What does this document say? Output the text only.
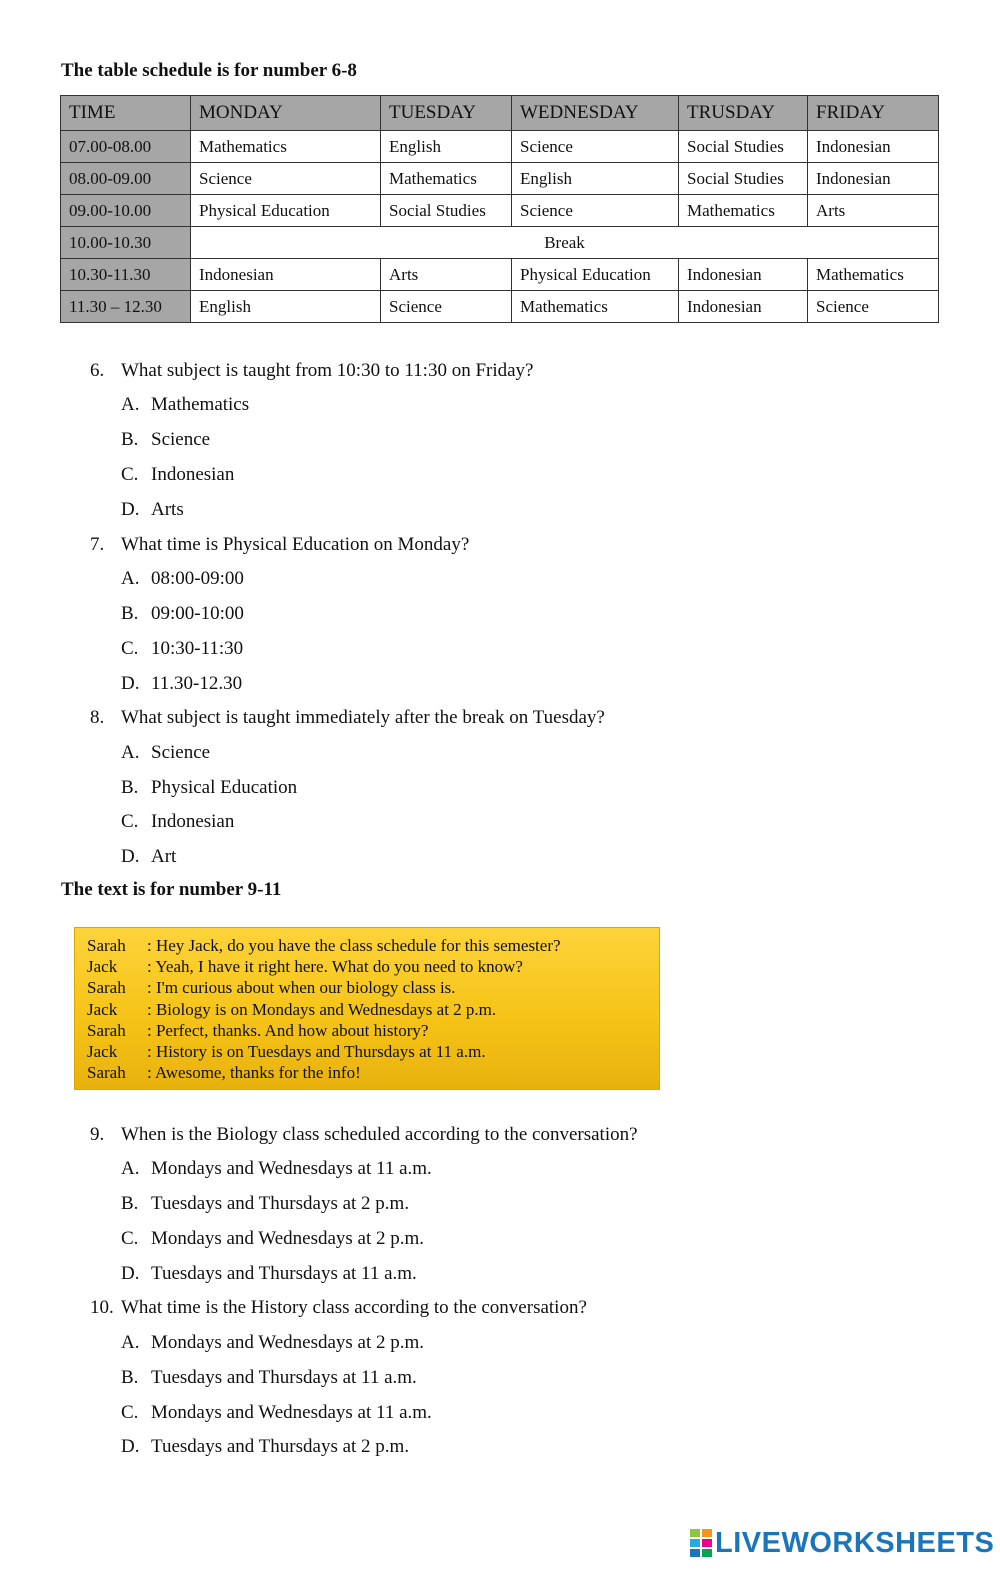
The table schedule is for number 6-8
TIME	MONDAY	TUESDAY	WEDNESDAY	TRUSDAY	FRIDAY
07.00-08.00	Mathematics	English	Science	Social Studies	Indonesian
08.00-09.00	Science	Mathematics	English	Social Studies	Indonesian
09.00-10.00	Physical Education	Social Studies	Science	Mathematics	Arts
10.00-10.30	Break				
10.30-11.30	Indonesian	Arts	Physical Education	Indonesian	Mathematics
11.30 – 12.30	English	Science	Mathematics	Indonesian	Science
6. What subject is taught from 10:30 to 11:30 on Friday?
A. Mathematics
B. Science
C. Indonesian
D. Arts
7. What time is Physical Education on Monday?
A. 08:00-09:00
B. 09:00-10:00
C. 10:30-11:30
D. 11.30-12.30
8. What subject is taught immediately after the break on Tuesday?
A. Science
B. Physical Education
C. Indonesian
D. Art
The text is for number 9-11
Sarah : Hey Jack, do you have the class schedule for this semester?
Jack : Yeah, I have it right here. What do you need to know?
Sarah : I'm curious about when our biology class is.
Jack : Biology is on Mondays and Wednesdays at 2 p.m.
Sarah : Perfect, thanks. And how about history?
Jack : History is on Tuesdays and Thursdays at 11 a.m.
Sarah : Awesome, thanks for the info!
9. When is the Biology class scheduled according to the conversation?
A. Mondays and Wednesdays at 11 a.m.
B. Tuesdays and Thursdays at 2 p.m.
C. Mondays and Wednesdays at 2 p.m.
D. Tuesdays and Thursdays at 11 a.m.
10. What time is the History class according to the conversation?
A. Mondays and Wednesdays at 2 p.m.
B. Tuesdays and Thursdays at 11 a.m.
C. Mondays and Wednesdays at 11 a.m.
D. Tuesdays and Thursdays at 2 p.m.
LIVEWORKSHEETS
